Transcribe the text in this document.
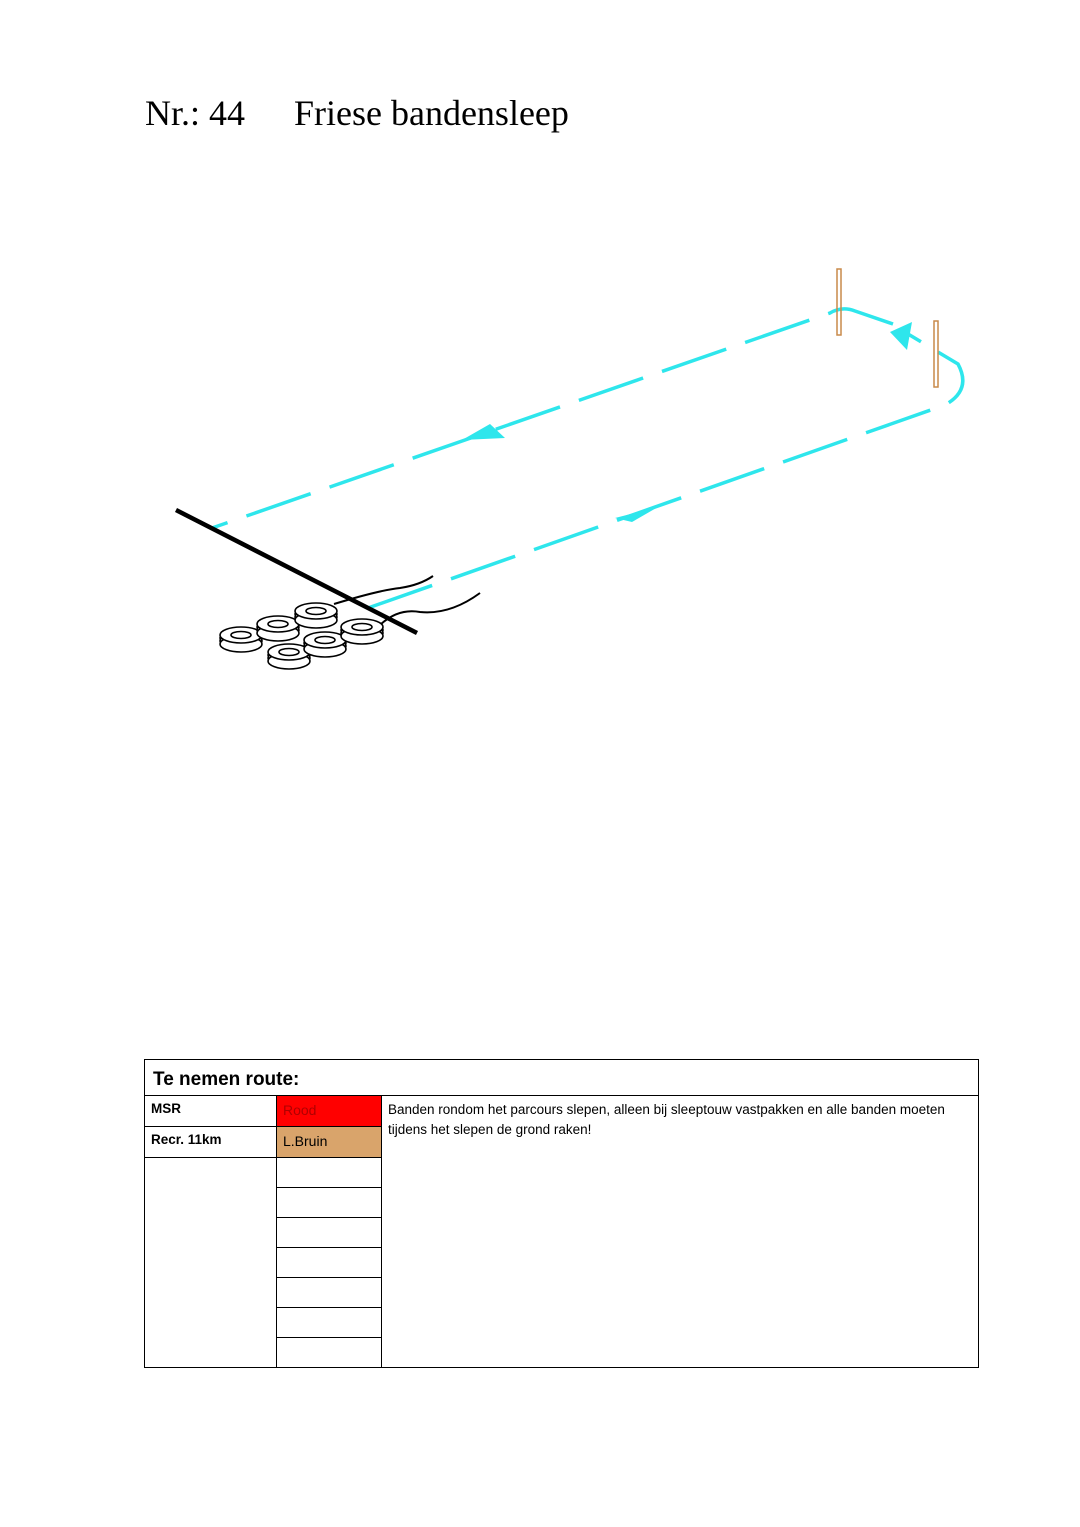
Nr.: 44 Friese bandensleep
Te nemen route:		
MSR	Rood	Banden rondom het parcours slepen, alleen bij sleeptouw vastpakken en alle banden moeten tijdens het slepen de grond raken!
Recr. 11km	L.Bruin	
